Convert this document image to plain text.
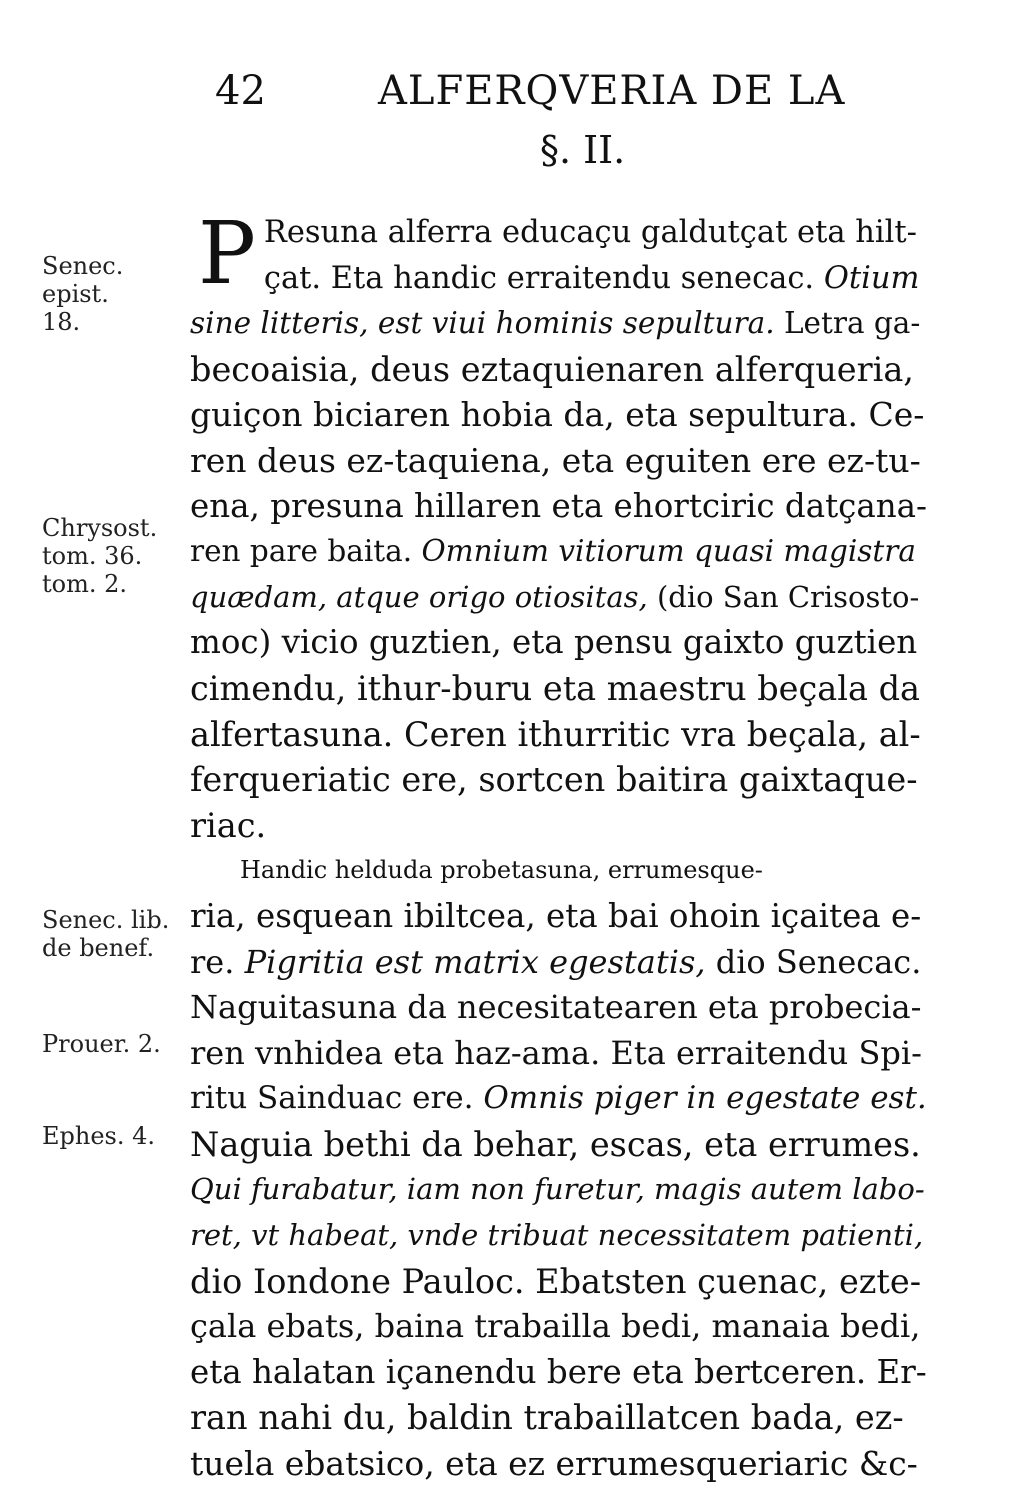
42	ALFERQVERIA DE LA
§. II.
Senec. epist.
18.
Chrysost.
tom. 36.
tom. 2.
Senec. lib.
de benef.
Prouer. 2.
Ephes. 4.
P Resuna alferra educaçu galdutçat eta hilt-
çat. Eta handic erraitendu senecac. Otium
sine litteris, est viui hominis sepultura. Letra ga-
becoaisia, deus eztaquienaren alferqueria,
guiçon biciaren hobia da, eta sepultura. Ce-
ren deus ez-taquiena, eta eguiten ere ez-tu-
ena, presuna hillaren eta ehortciric datçana-
ren pare baita. Omnium vitiorum quasi magistra
quædam, atque origo otiositas, (dio San Crisosto-
moc) vicio guztien, eta pensu gaixto guztien
cimendu, ithur-buru eta maestru beçala da
alfertasuna. Ceren ithurritic vra beçala, al-
ferqueriatic ere, sortcen baitira gaixtaque-
riac.
Handic helduda probetasuna, errumesque-
ria, esquean ibiltcea, eta bai ohoin içaitea e-
re. Pigritia est matrix egestatis, dio Senecac.
Naguitasuna da necesitatearen eta probecia-
ren vnhidea eta haz-ama. Eta erraitendu Spi-
ritu Sainduac ere. Omnis piger in egestate est.
Naguia bethi da behar, escas, eta errumes.
Qui furabatur, iam non furetur, magis autem labo-
ret, vt habeat, vnde tribuat necessitatem patienti,
dio Iondone Pauloc. Ebatsten çuenac, ezte-
çala ebats, baina trabailla bedi, manaia bedi,
eta halatan içanendu bere eta bertceren. Er-
ran nahi du, baldin trabaillatcen bada, ez-
tuela ebatsico, eta ez errumesqueriaric &c-
